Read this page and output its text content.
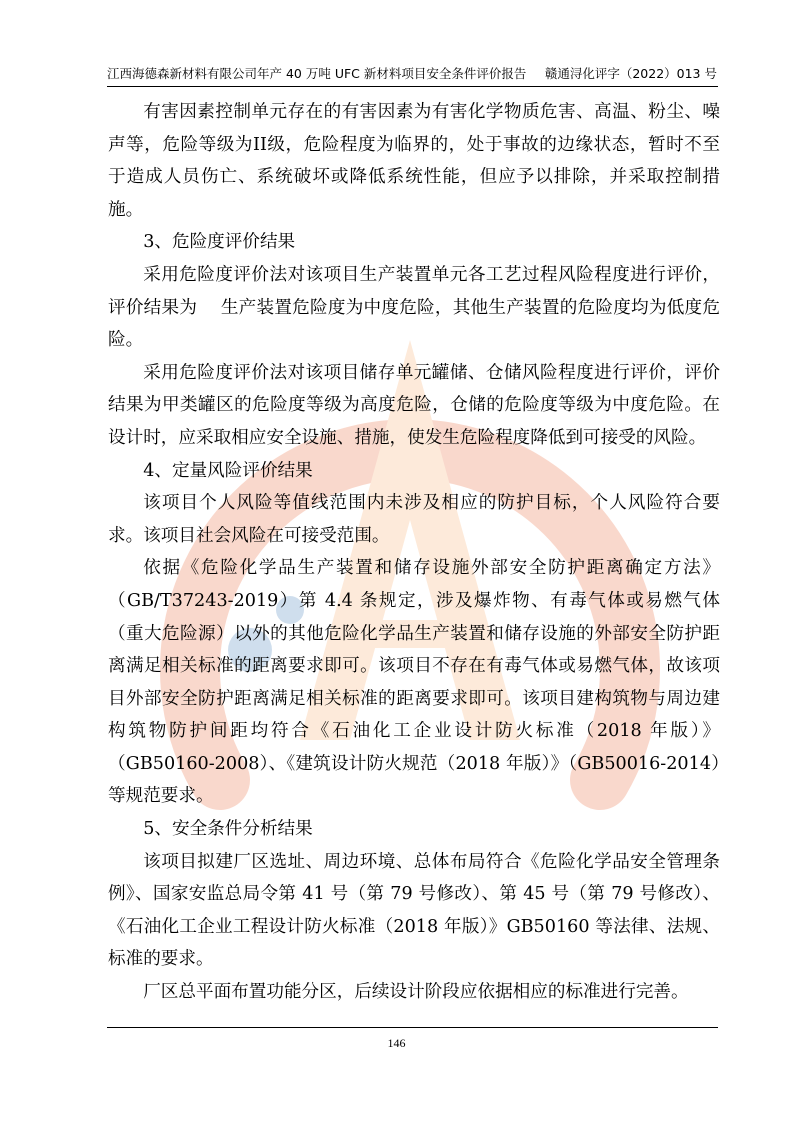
江西海德森新材料有限公司年产 40 万吨 UFC 新材料项目安全条件评价报告 赣通浔化评字（2022）013 号

有害因素控制单元存在的有害因素为有害化学物质危害、高温、粉尘、噪声等，危险等级为II级，危险程度为临界的，处于事故的边缘状态，暂时不至于造成人员伤亡、系统破坏或降低系统性能，但应予以排除，并采取控制措施。

3、危险度评价结果

采用危险度评价法对该项目生产装置单元各工艺过程风险程度进行评价，评价结果为　 生产装置危险度为中度危险，其他生产装置的危险度均为低度危险。

采用危险度评价法对该项目储存单元罐储、仓储风险程度进行评价，评价结果为甲类罐区的危险度等级为高度危险，仓储的危险度等级为中度危险。在设计时，应采取相应安全设施、措施，使发生危险程度降低到可接受的风险。

4、定量风险评价结果

该项目个人风险等值线范围内未涉及相应的防护目标，个人风险符合要求。该项目社会风险在可接受范围。

依据《危险化学品生产装置和储存设施外部安全防护距离确定方法》（GB/T37243-2019）第 4.4 条规定，涉及爆炸物、有毒气体或易燃气体（重大危险源）以外的其他危险化学品生产装置和储存设施的外部安全防护距离满足相关标准的距离要求即可。该项目不存在有毒气体或易燃气体，故该项目外部安全防护距离满足相关标准的距离要求即可。该项目建构筑物与周边建构筑物防护间距均符合《石油化工企业设计防火标准（2018 年版）》（GB50160-2008）、《建筑设计防火规范（2018 年版）》（GB50016-2014）等规范要求。

5、安全条件分析结果

该项目拟建厂区选址、周边环境、总体布局符合《危险化学品安全管理条例》、国家安监总局令第 41 号（第 79 号修改）、第 45 号（第 79 号修改）、《石油化工企业工程设计防火标准（2018 年版）》GB50160 等法律、法规、标准的要求。

厂区总平面布置功能分区，后续设计阶段应依据相应的标准进行完善。

146
